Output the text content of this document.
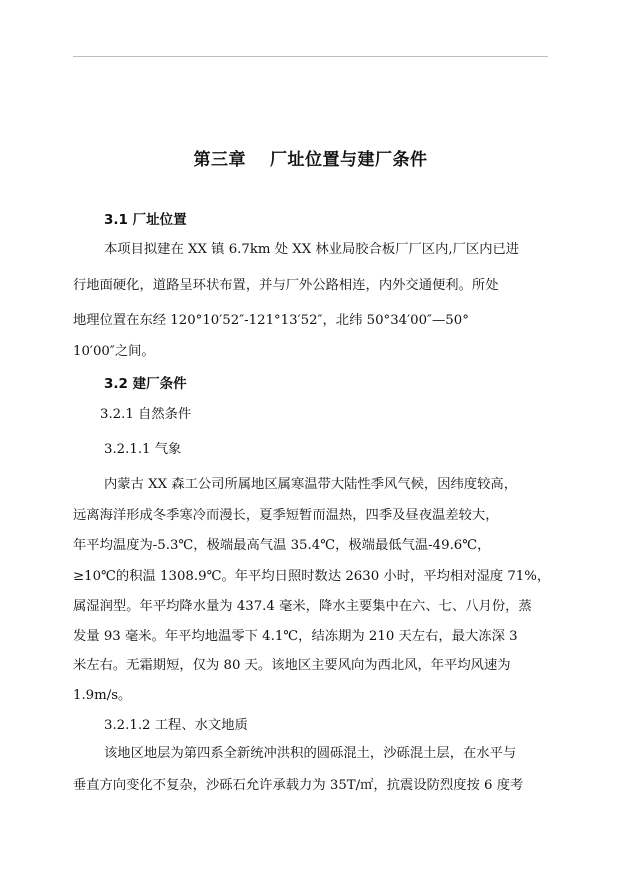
第三章　 厂址位置与建厂条件
3.1 厂址位置
本项目拟建在 XX 镇 6.7km 处 XX 林业局胶合板厂厂区内,厂区内已进
行地面硬化，道路呈环状布置，并与厂外公路相连，内外交通便利。所处
地理位置在东经 120°10′52″-121°13′52″，北纬 50°34′00″—50°
10′00″之间。
3.2 建厂条件
3.2.1 自然条件
3.2.1.1 气象
内蒙古 XX 森工公司所属地区属寒温带大陆性季风气候，因纬度较高，
远离海洋形成冬季寒冷而漫长，夏季短暂而温热，四季及昼夜温差较大，
年平均温度为-5.3℃，极端最高气温 35.4℃，极端最低气温-49.6℃，
≥10℃的积温 1308.9℃。年平均日照时数达 2630 小时，平均相对湿度 71%，
属湿润型。年平均降水量为 437.4 毫米，降水主要集中在六、七、八月份，蒸
发量 93 毫米。年平均地温零下 4.1℃，结冻期为 210 天左右，最大冻深 3
米左右。无霜期短，仅为 80 天。该地区主要风向为西北风，年平均风速为
1.9m/s。
3.2.1.2 工程、水文地质
该地区地层为第四系全新统冲洪积的圆砾混土，沙砾混土层，在水平与
垂直方向变化不复杂，沙砾石允许承载力为 35T/㎡，抗震设防烈度按 6 度考
